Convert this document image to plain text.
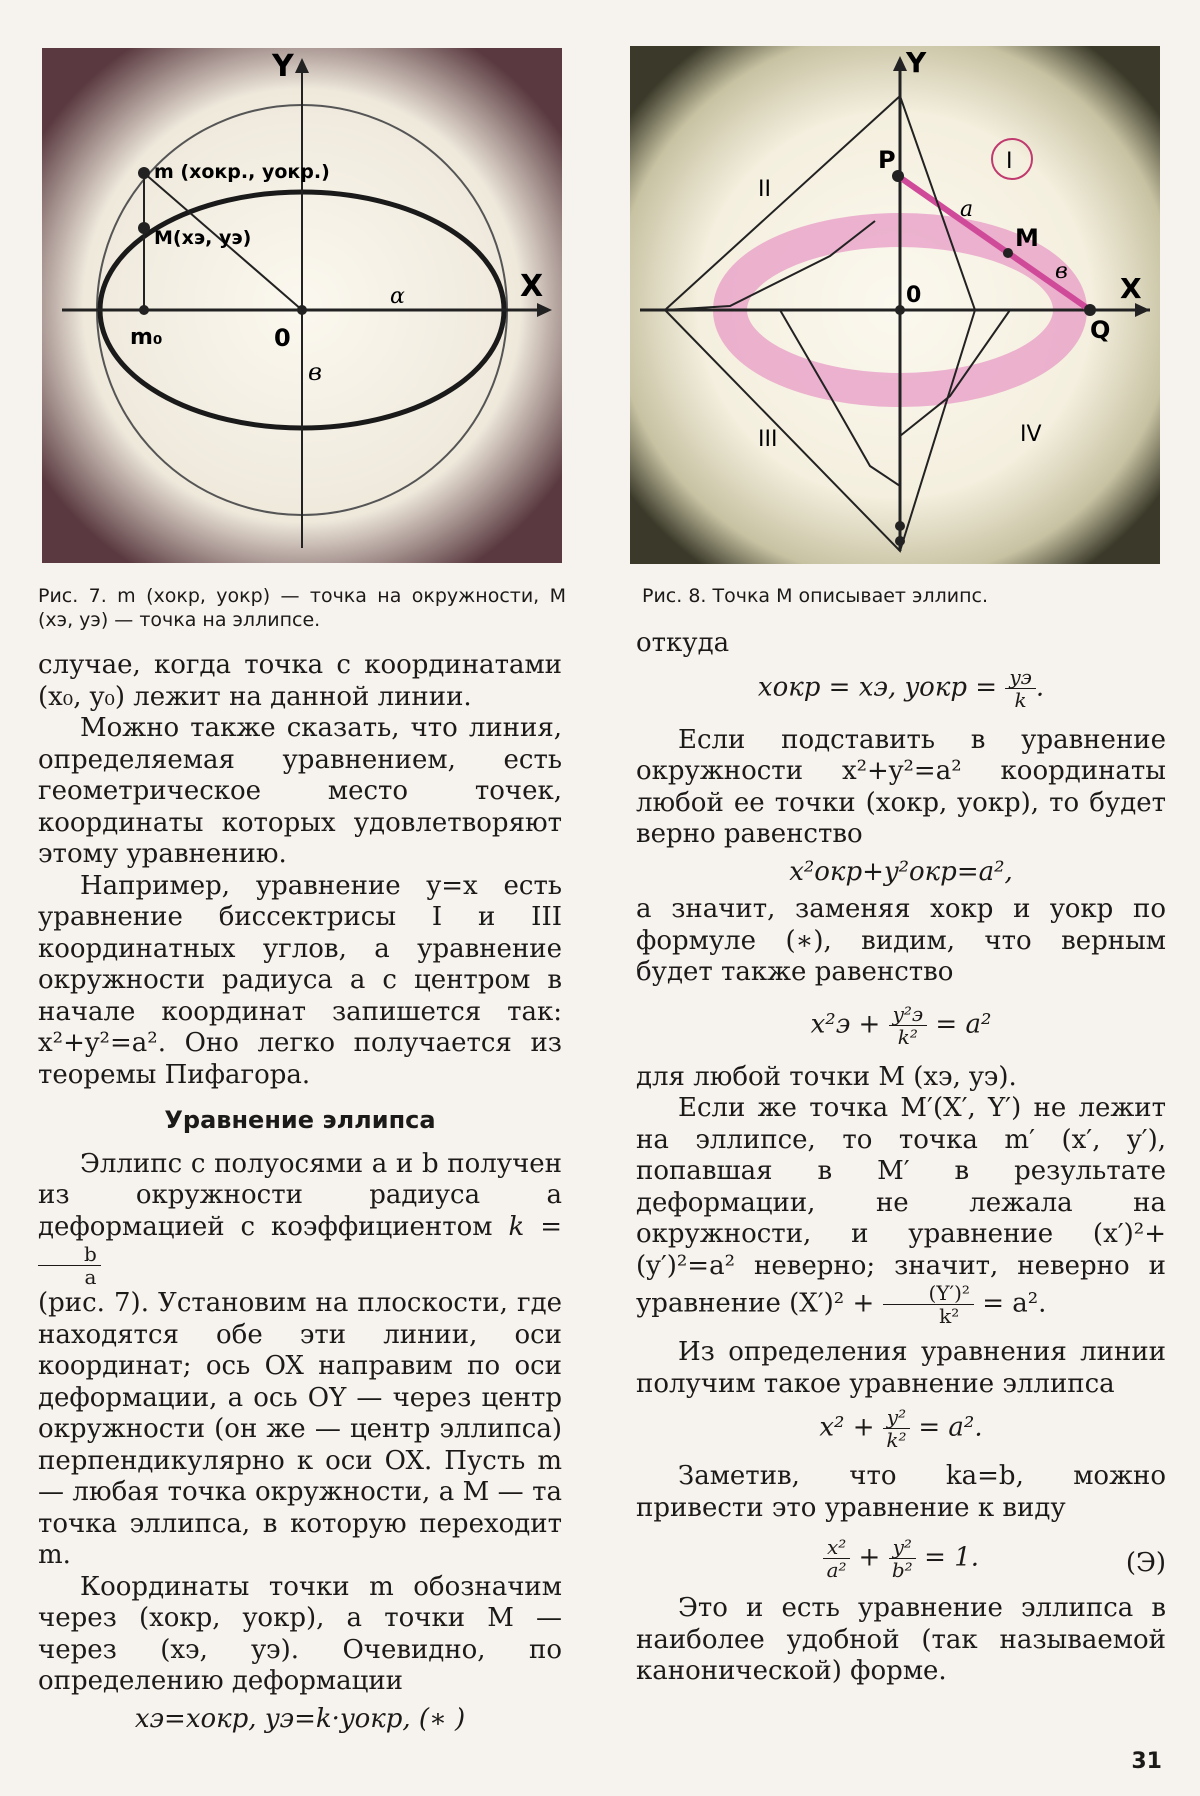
Y
X
m (xокр., yокр.)
M(xэ, yэ)
m₀	0
α
в
Y
X
0
P
Q
M
а
в
I
II
III	IV
Рис. 7. m (xокр, yокр) — точка на окружности, M (xэ, yэ) — точка на эллипсе.
Рис. 8. Точка M описывает эллипс.

случае, когда точка с координатами (x₀, y₀) лежит на данной линии.

Можно также сказать, что линия, определяемая уравнением, есть геометрическое место точек, координаты которых удовлетворяют этому уравнению.

Например, уравнение y=x есть уравнение биссектрисы I и III координатных углов, а уравнение окружности радиуса a с центром в начале координат запишется так: x²+y²=a². Оно легко получается из теоремы Пифагора.

Уравнение эллипса

Эллипс с полуосями a и b получен из окружности радиуса a деформацией с коэффициентом k =
$\frac{b}{a}$

(рис. 7). Установим на плоскости, где находятся обе эти линии, оси координат; ось OX направим по оси деформации, а ось OY — через центр окружности (он же — центр эллипса) перпендикулярно к оси OX. Пусть m — любая точка окружности, а M — та точка эллипса, в которую переходит m.

Координаты точки m обозначим через (xокр, yокр), а точки M — через (xэ, yэ). Очевидно, по определению деформации

xэ=xокр, yэ=k·yокр, (∗ )

откуда

xокр = xэ, yокр = $\frac{yэ}{k}$ .

Если подставить в уравнение окружности x²+y²=a² координаты любой ее точки (xокр, yокр), то будет верно равенство

x²окр+y²окр=a²,

а значит, заменяя xокр и yокр по формуле (∗), видим, что верным будет также равенство

$x^2э + \frac{\text{y²э}}{\text{k²}} = a^2$

для любой точки M (xэ, yэ).

Если же точка M′(X′, Y′) не лежит на эллипсе, то точка m′ (x′, y′), попавшая в M′ в результате деформации, не лежала на окружности, и уравнение (x′)²+(y′)²=a² неверно; значит, неверно и уравнение $(X')^2 + \frac{\text{(Y′)²}}{\text{k²}} = a^2$.

Из определения уравнения линии получим такое уравнение эллипса

$x^2 + \frac{\text{y²}}{\text{k²}} = a^2$.

Заметив, что ka=b, можно привести это уравнение к виду

$\frac{\text{x²}}{\text{a²}} + \frac{\text{y²}}{\text{b²}} = 1$.	(Э)

Это и есть уравнение эллипса в наиболее удобной (так называемой канонической) форме.

31
